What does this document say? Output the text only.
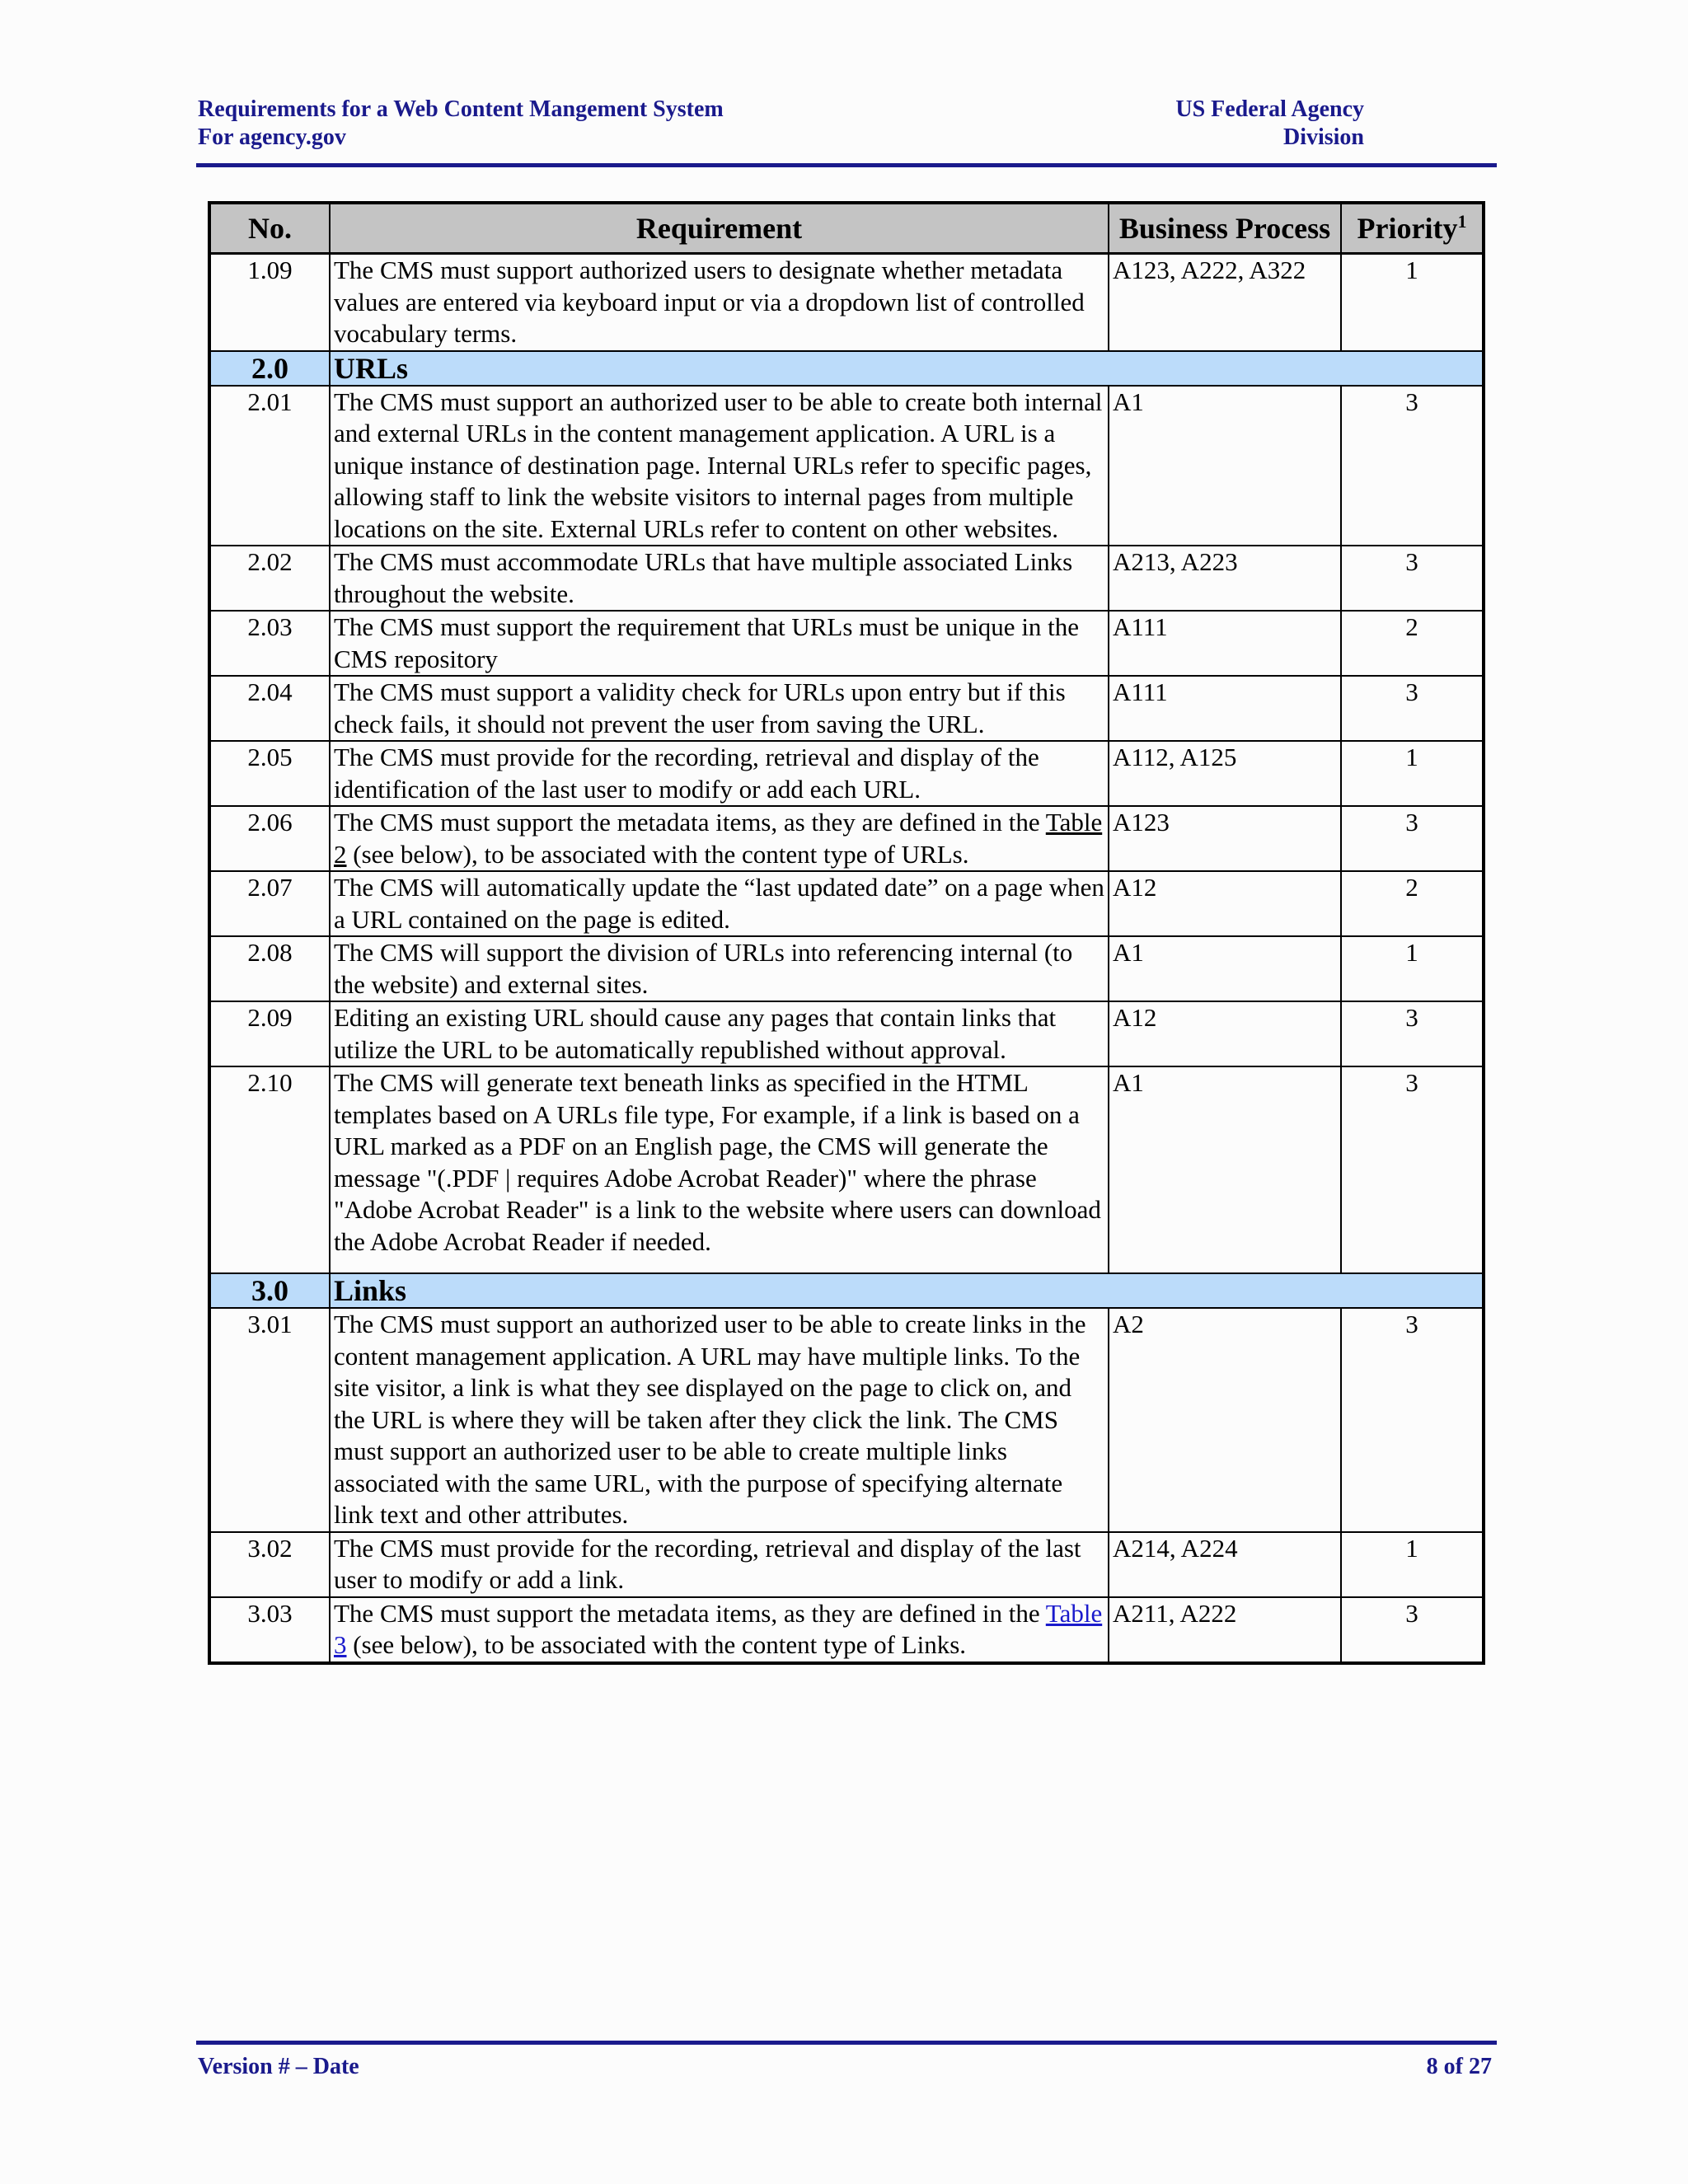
Requirements for a Web Content Mangement System
For agency.gov
US Federal Agency
Division
No.	Requirement	Business Process	Priority$^1$
1.09	The CMS must support authorized users to designate whether metadata values are entered via keyboard input or via a dropdown list of controlled vocabulary terms.	A123, A222, A322	1
2.0	URLs		
2.01	The CMS must support an authorized user to be able to create both internal and external URLs in the content management application. A URL is a unique instance of destination page. Internal URLs refer to specific pages, allowing staff to link the website visitors to internal pages from multiple locations on the site. External URLs refer to content on other websites.	A1	3
2.02	The CMS must accommodate URLs that have multiple associated Links throughout the website.	A213, A223	3
2.03	The CMS must support the requirement that URLs must be unique in the CMS repository	A111	2
2.04	The CMS must support a validity check for URLs upon entry but if this check fails, it should not prevent the user from saving the URL.	A111	3
2.05	The CMS must provide for the recording, retrieval and display of the identification of the last user to modify or add each URL.	A112, A125	1
2.06	The CMS must support the metadata items, as they are defined in the Table 2 (see below), to be associated with the content type of URLs.	A123	3
2.07	The CMS will automatically update the “last updated date” on a page when a URL contained on the page is edited.	A12	2
2.08	The CMS will support the division of URLs into referencing internal (to the website) and external sites.	A1	1
2.09	Editing an existing URL should cause any pages that contain links that utilize the URL to be automatically republished without approval.	A12	3
2.10	The CMS will generate text beneath links as specified in the HTML templates based on A URLs file type, For example, if a link is based on a URL marked as a PDF on an English page, the CMS will generate the message "(.PDF | requires Adobe Acrobat Reader)" where the phrase "Adobe Acrobat Reader" is a link to the website where users can download the Adobe Acrobat Reader if needed.	A1	3
3.0	Links		
3.01	The CMS must support an authorized user to be able to create links in the content management application. A URL may have multiple links. To the site visitor, a link is what they see displayed on the page to click on, and the URL is where they will be taken after they click the link. The CMS must support an authorized user to be able to create multiple links associated with the same URL, with the purpose of specifying alternate link text and other attributes.	A2	3
3.02	The CMS must provide for the recording, retrieval and display of the last user to modify or add a link.	A214, A224	1
3.03	The CMS must support the metadata items, as they are defined in the Table 3 (see below), to be associated with the content type of Links.	A211, A222	3
Version # – Date	8 of 27
